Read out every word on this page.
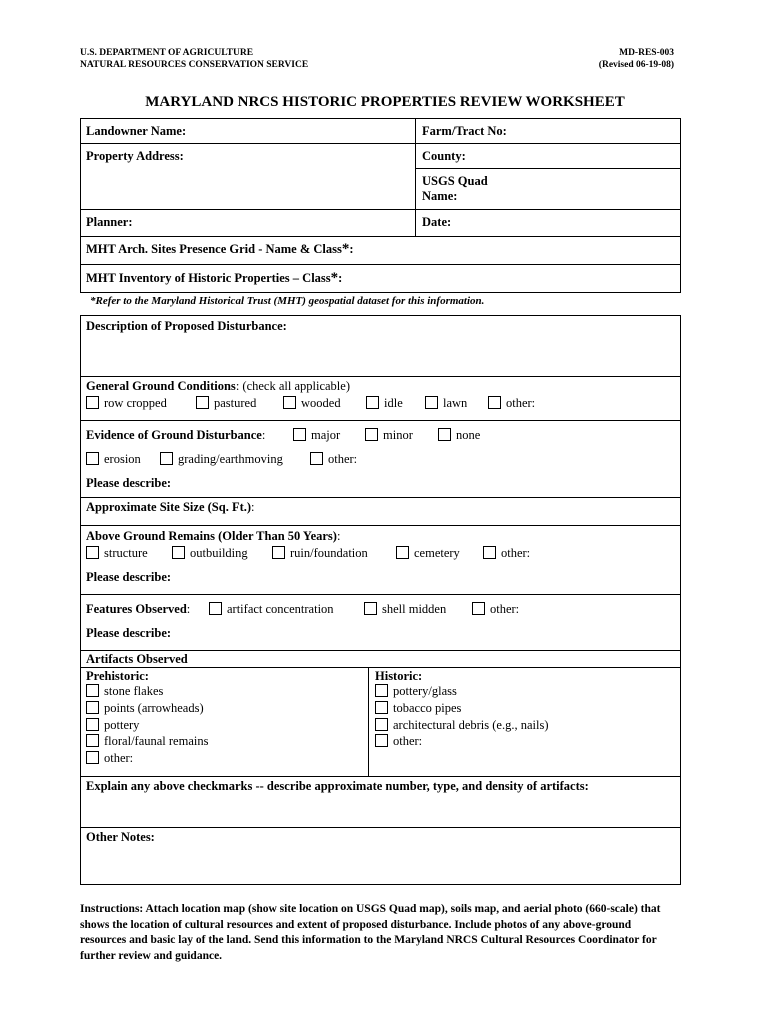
U.S. DEPARTMENT OF AGRICULTURE
NATURAL RESOURCES CONSERVATION SERVICE
MD-RES-003
(Revised 06-19-08)
MARYLAND NRCS HISTORIC PROPERTIES REVIEW WORKSHEET
Landowner Name:	Farm/Tract No:
Property Address:	County:
USGS Quad
Name:
Planner:	Date:
MHT Arch. Sites Presence Grid - Name & Class*:
MHT Inventory of Historic Properties – Class*:
*Refer to the Maryland Historical Trust (MHT) geospatial dataset for this information.
Description of Proposed Disturbance:
General Ground Conditions: (check all applicable)
row cropped	pastured	wooded	idle	lawn	other:
Evidence of Ground Disturbance:	major	minor	none
erosion	grading/earthmoving	other:
Please describe:
Approximate Site Size (Sq. Ft.):
Above Ground Remains (Older Than 50 Years):
structure	outbuilding	ruin/foundation	cemetery	other:
Please describe:
Features Observed:	artifact concentration	shell midden	other:
Please describe:
Artifacts Observed
Prehistoric:
stone flakes
points (arrowheads)
pottery
floral/faunal remains
other:
Historic:
pottery/glass
tobacco pipes
architectural debris (e.g., nails)
other:
Explain any above checkmarks -- describe approximate number, type, and density of artifacts:
Other Notes:
Instructions: Attach location map (show site location on USGS Quad map), soils map, and aerial photo (660-scale) that shows the location of cultural resources and extent of proposed disturbance. Include photos of any above-ground resources and basic lay of the land. Send this information to the Maryland NRCS Cultural Resources Coordinator for further review and guidance.
